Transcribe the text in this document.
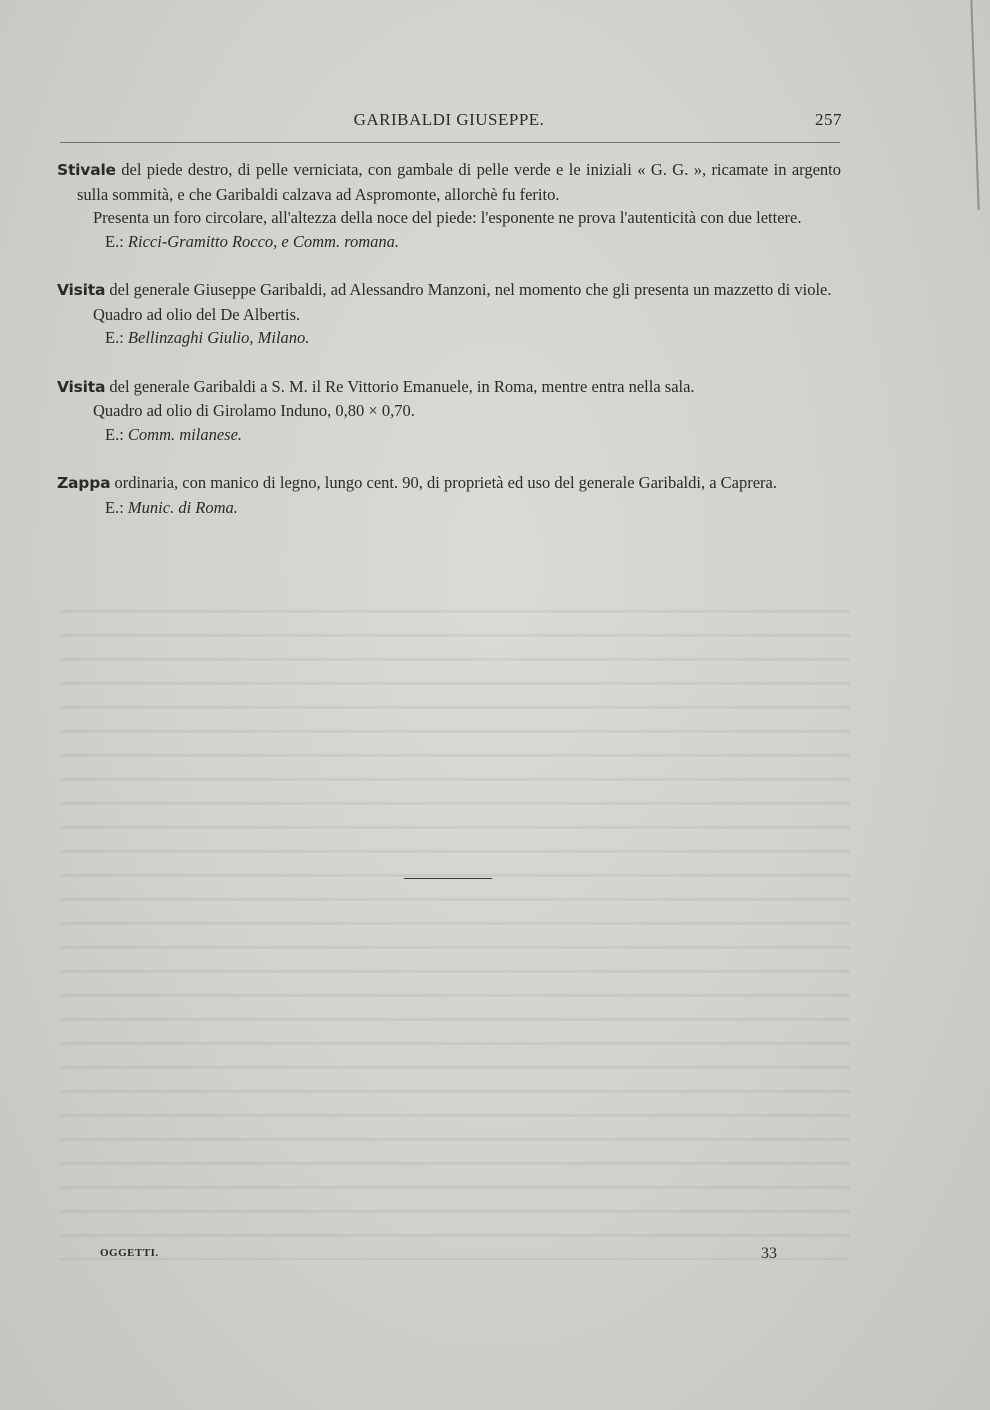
GARIBALDI GIUSEPPE.	257

Stivale del piede destro, di pelle verniciata, con gambale di pelle verde e le iniziali « G. G. », ricamate in argento sulla sommità, e che Garibaldi calzava ad Aspromonte, allorchè fu ferito.

Presenta un foro circolare, all'altezza della noce del piede: l'esponente ne prova l'autenticità con due lettere.

E.: Ricci-Gramitto Rocco, e Comm. romana.

Visita del generale Giuseppe Garibaldi, ad Alessandro Manzoni, nel momento che gli presenta un mazzetto di viole.

Quadro ad olio del De Albertis.

E.: Bellinzaghi Giulio, Milano.

Visita del generale Garibaldi a S. M. il Re Vittorio Emanuele, in Roma, mentre entra nella sala.

Quadro ad olio di Girolamo Induno, 0,80 × 0,70.

E.: Comm. milanese.

Zappa ordinaria, con manico di legno, lungo cent. 90, di proprietà ed uso del generale Garibaldi, a Caprera.

E.: Munic. di Roma.

OGGETTI.	33
